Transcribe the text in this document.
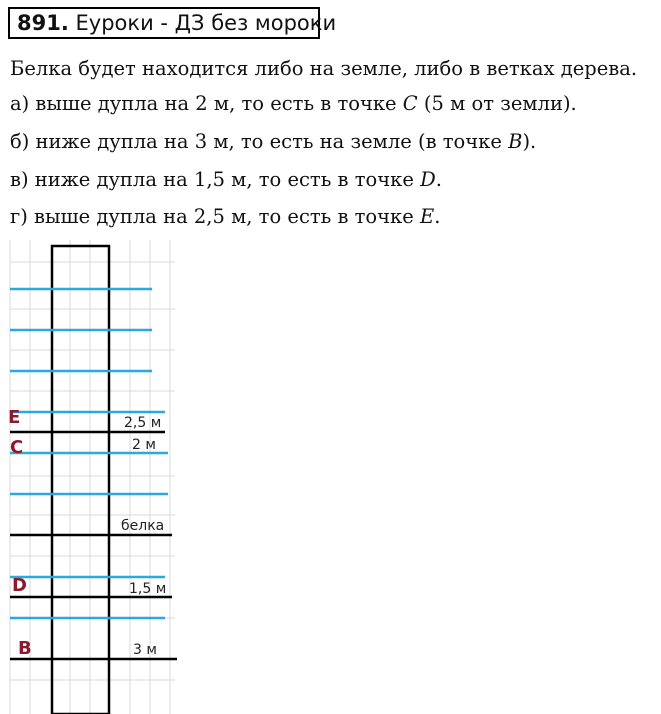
891. Еуроки - ДЗ без мороки
Белка будет находится либо на земле, либо в ветках дерева.
а) выше дупла на 2 м, то есть в точке C (5 м от земли).
б) ниже дупла на 3 м, то есть на земле (в точке B).
в) ниже дупла на 1,5 м, то есть в точке D.
г) выше дупла на 2,5 м, то есть в точке E.
E
C
D
B
2,5 м
2 м
белка
1,5 м
3 м
